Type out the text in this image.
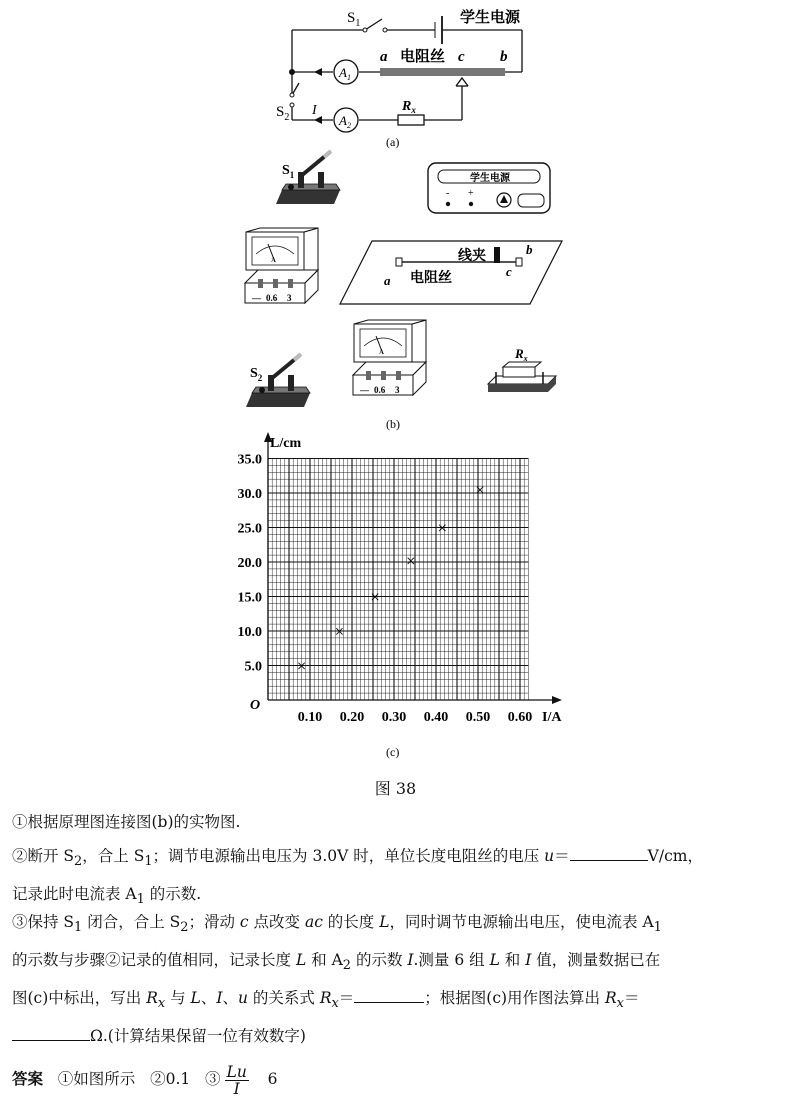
$S_1$	学生电源
$A_1$
$A_2$
a 电阻丝 c b
$S_2$ I	$R_x$
(a)
$S_1$	学生电源
- +
A
— 0.6 3
线夹
电阻丝
a
b
c
$S_2$
A
— 0.6 3
$R_x$
(b)
5.0
10.0
15.0
20.0
25.0
30.0
35.0
0.10 0.20 0.30 0.40 0.50 0.60
×
×
×
×
×
×
L/cm
I/A
O
(c)
图 38
①根据原理图连接图(b)的实物图.
②断开 $S_2$，合上 $S_1$；调节电源输出电压为 3.0V 时，单位长度电阻丝的电压 u＝	V/cm，
记录此时电流表 $A_1$ 的示数.
③保持 $S_1$ 闭合，合上 $S_2$；滑动 c 点改变 ac 的长度 L，同时调节电源输出电压，使电流表 $A_1$
的示数与步骤②记录的值相同，记录长度 L 和 $A_2$ 的示数 I.测量 6 组 L 和 I 值，测量数据已在
图(c)中标出，写出 $R_x$ 与 L、I、u 的关系式 $R_x=$	；根据图(c)用作图法算出 $R_x=$
Ω.(计算结果保留一位有效数字)
答案 ①如图所示 ②0.1 ③ $\frac{Lu}{I} 6$
